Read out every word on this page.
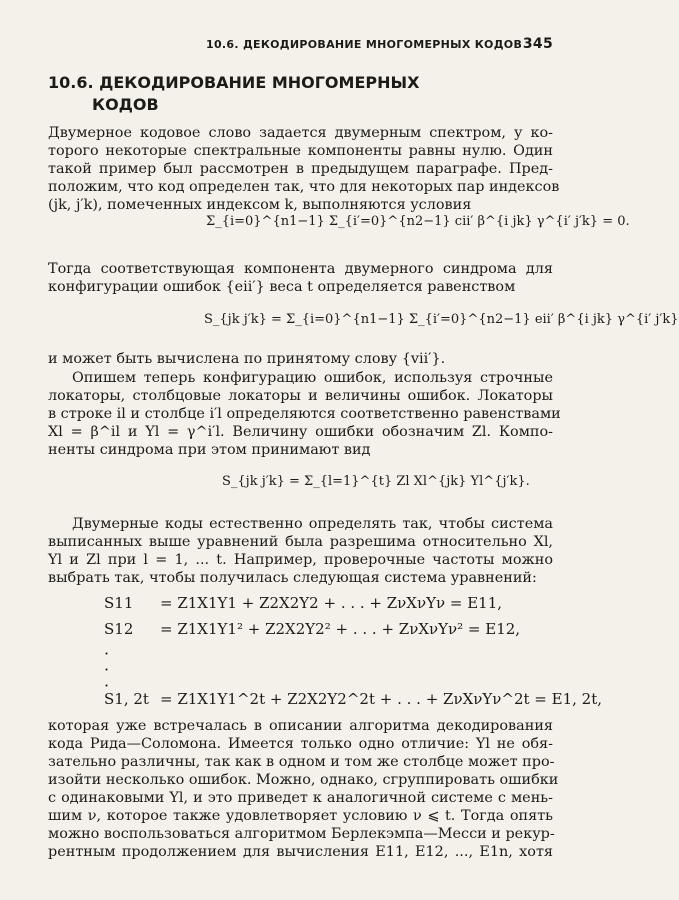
10.6. ДЕКОДИРОВАНИЕ МНОГОМЕРНЫХ КОДОВ 345
10.6. ДЕКОДИРОВАНИЕ МНОГОМЕРНЫХ
КОДОВ
Двумерное кодовое слово задается двумерным спектром, у ко-
торого некоторые спектральные компоненты равны нулю. Один
такой пример был рассмотрен в предыдущем параграфе. Пред-
положим, что код определен так, что для некоторых пар индексов
(jk, j′k), помеченных индексом k, выполняются условия
Σ_{i=0}^{n1−1} Σ_{i′=0}^{n2−1} cii′ β^{i jk} γ^{i′ j′k} = 0.
Тогда соответствующая компонента двумерного синдрома для
конфигурации ошибок {eii′} веса t определяется равенством
S_{jk j′k} = Σ_{i=0}^{n1−1} Σ_{i′=0}^{n2−1} eii′ β^{i jk} γ^{i′ j′k}
и может быть вычислена по принятому слову {vii′}.
Опишем теперь конфигурацию ошибок, используя строчные
локаторы, столбцовые локаторы и величины ошибок. Локаторы
в строке il и столбце i′l определяются соответственно равенствами
Xl = β^il и Yl = γ^i′l. Величину ошибки обозначим Zl. Компо-
ненты синдрома при этом принимают вид
S_{jk j′k} = Σ_{l=1}^{t} Zl Xl^{jk} Yl^{j′k}.
Двумерные коды естественно определять так, чтобы система
выписанных выше уравнений была разрешима относительно Xl,
Yl и Zl при l = 1, ... t. Например, проверочные частоты можно
выбрать так, чтобы получилась следующая система уравнений:
S11 = Z1X1Y1 + Z2X2Y2 + . . . + ZνXνYν = E11,
S12 = Z1X1Y1² + Z2X2Y2² + . . . + ZνXνYν² = E12,
·
·
·
S1, 2t = Z1X1Y1^2t + Z2X2Y2^2t + . . . + ZνXνYν^2t = E1, 2t,
которая уже встречалась в описании алгоритма декодирования
кода Рида—Соломона. Имеется только одно отличие: Yl не обя-
зательно различны, так как в одном и том же столбце может про-
изойти несколько ошибок. Можно, однако, сгруппировать ошибки
с одинаковыми Yl, и это приведет к аналогичной системе с мень-
шим ν, которое также удовлетворяет условию ν ⩽ t. Тогда опять
можно воспользоваться алгоритмом Берлекэмпа—Месси и рекур-
рентным продолжением для вычисления E11, E12, ..., E1n, хотя
